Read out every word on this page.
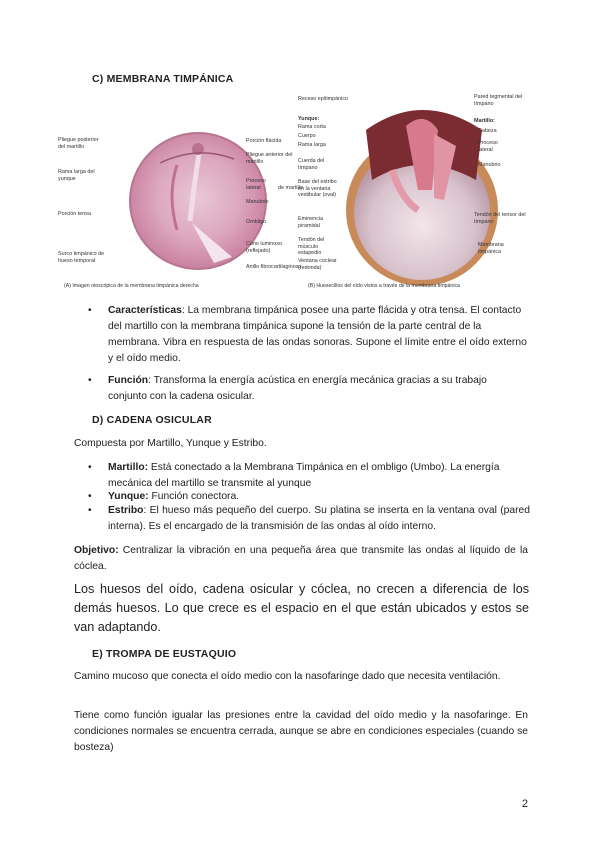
C) MEMBRANA TIMPÁNICA
Pliegue posterior del martillo
Rama larga del yunque
Porción tensa
Surco timpánico de hueso temporal
Porción flácida
Pliegue anterior del martillo
Proceso lateral	de martillo
Manubrio
Ombligo
Cono luminoso (reflejado)
Anillo fibrocartilaginoso
(A) Imagen otoscópica de la membrana timpánica derecha
Receso epitimpánico
Yunque:
Rama corta
Cuerpo
Rama larga
Cuerda del tímpano
Base del estribo en la ventana vestibular (oval)
Eminencia piramidal
Tendón del músculo estapedio
Ventana coclear (redonda)
Pared tegmental del tímpano
Martillo:
Cabeza
Proceso lateral
Manubrio
Tendón del tensor del tímpano
Membrana timpánica
(B) Huesecillos del oído vistos a través de la membrana timpánica
• Características: La membrana timpánica posee una parte flácida y otra tensa. El contacto del martillo con la membrana timpánica supone la tensión de la parte central de la membrana. Vibra en respuesta de las ondas sonoras. Supone el límite entre el oído externo y el oído medio.
• Función: Transforma la energía acústica en energía mecánica gracias a su trabajo conjunto con la cadena osicular.
D) CADENA OSICULAR
Compuesta por Martillo, Yunque y Estribo.
• Martillo: Está conectado a la Membrana Timpánica en el ombligo (Umbo). La energía mecánica del martillo se transmite al yunque
• Yunque: Función conectora.
• Estribo: El hueso más pequeño del cuerpo. Su platina se inserta en la ventana oval (pared interna). Es el encargado de la transmisión de las ondas al oído interno.
Objetivo: Centralizar la vibración en una pequeña área que transmite las ondas al líquido de la cóclea.
Los huesos del oído, cadena osicular y cóclea, no crecen a diferencia de los demás huesos. Lo que crece es el espacio en el que están ubicados y estos se van adaptando.
E) TROMPA DE EUSTAQUIO
Camino mucoso que conecta el oído medio con la nasofaringe dado que necesita ventilación.
Tiene como función igualar las presiones entre la cavidad del oído medio y la nasofaringe. En condiciones normales se encuentra cerrada, aunque se abre en condiciones especiales (cuando se bosteza)
2
